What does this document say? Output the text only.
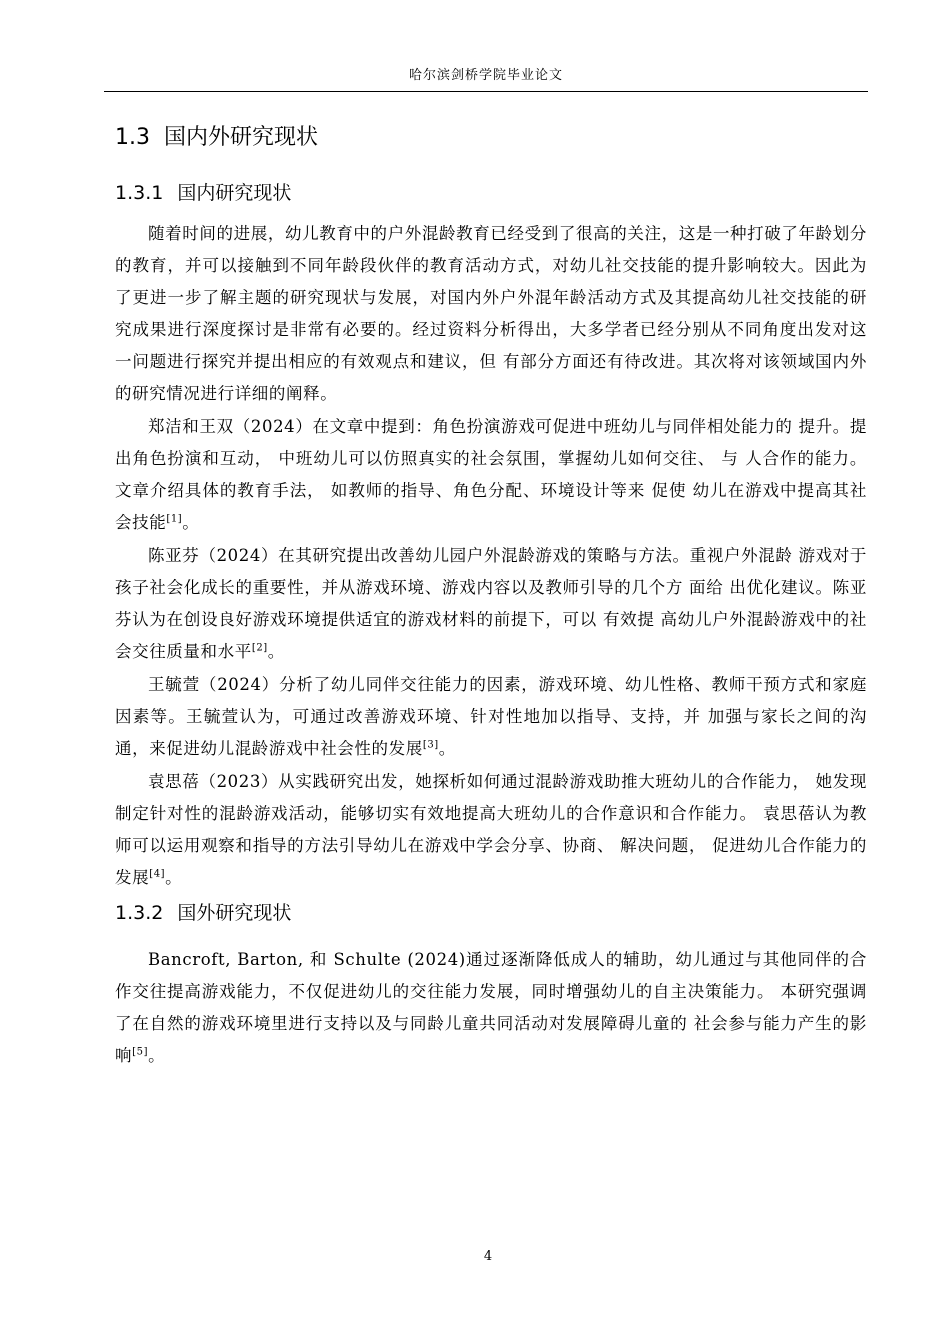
哈尔滨剑桥学院毕业论文
1.3 国内外研究现状
1.3.1 国内研究现状

随着时间的进展，幼儿教育中的户外混龄教育已经受到了很高的关注，这是一种打破了年龄划分的教育，并可以接触到不同年龄段伙伴的教育活动方式，对幼儿社交技能的提升影响较大。因此为了更进一步了解主题的研究现状与发展，对国内外户外混年龄活动方式及其提高幼儿社交技能的研究成果进行深度探讨是非常有必要的。经过资料分析得出，大多学者已经分别从不同角度出发对这一问题进行探究并提出相应的有效观点和建议，但 有部分方面还有待改进。其次将对该领域国内外的研究情况进行详细的阐释。

郑洁和王双（2024）在文章中提到：角色扮演游戏可促进中班幼儿与同伴相处能力的 提升。提出角色扮演和互动， 中班幼儿可以仿照真实的社会氛围，掌握幼儿如何交往、 与 人合作的能力。文章介绍具体的教育手法， 如教师的指导、角色分配、环境设计等来 促使 幼儿在游戏中提高其社会技能[1]。

陈亚芬（2024）在其研究提出改善幼儿园户外混龄游戏的策略与方法。重视户外混龄 游戏对于孩子社会化成长的重要性，并从游戏环境、游戏内容以及教师引导的几个方 面给 出优化建议。陈亚芬认为在创设良好游戏环境提供适宜的游戏材料的前提下，可以 有效提 高幼儿户外混龄游戏中的社会交往质量和水平[2]。

王毓萱（2024）分析了幼儿同伴交往能力的因素，游戏环境、幼儿性格、教师干预方式和家庭因素等。王毓萱认为，可通过改善游戏环境、针对性地加以指导、支持，并 加强与家长之间的沟通，来促进幼儿混龄游戏中社会性的发展[3]。

袁思蓓（2023）从实践研究出发，她探析如何通过混龄游戏助推大班幼儿的合作能力， 她发现制定针对性的混龄游戏活动，能够切实有效地提高大班幼儿的合作意识和合作能力。 袁思蓓认为教师可以运用观察和指导的方法引导幼儿在游戏中学会分享、协商、 解决问题， 促进幼儿合作能力的发展[4]。

1.3.2 国外研究现状

Bancroft, Barton, 和 Schulte (2024)通过逐渐降低成人的辅助，幼儿通过与其他同伴的合作交往提高游戏能力，不仅促进幼儿的交往能力发展，同时增强幼儿的自主决策能力。 本研究强调了在自然的游戏环境里进行支持以及与同龄儿童共同活动对发展障碍儿童的 社会参与能力产生的影响[5]。

4
